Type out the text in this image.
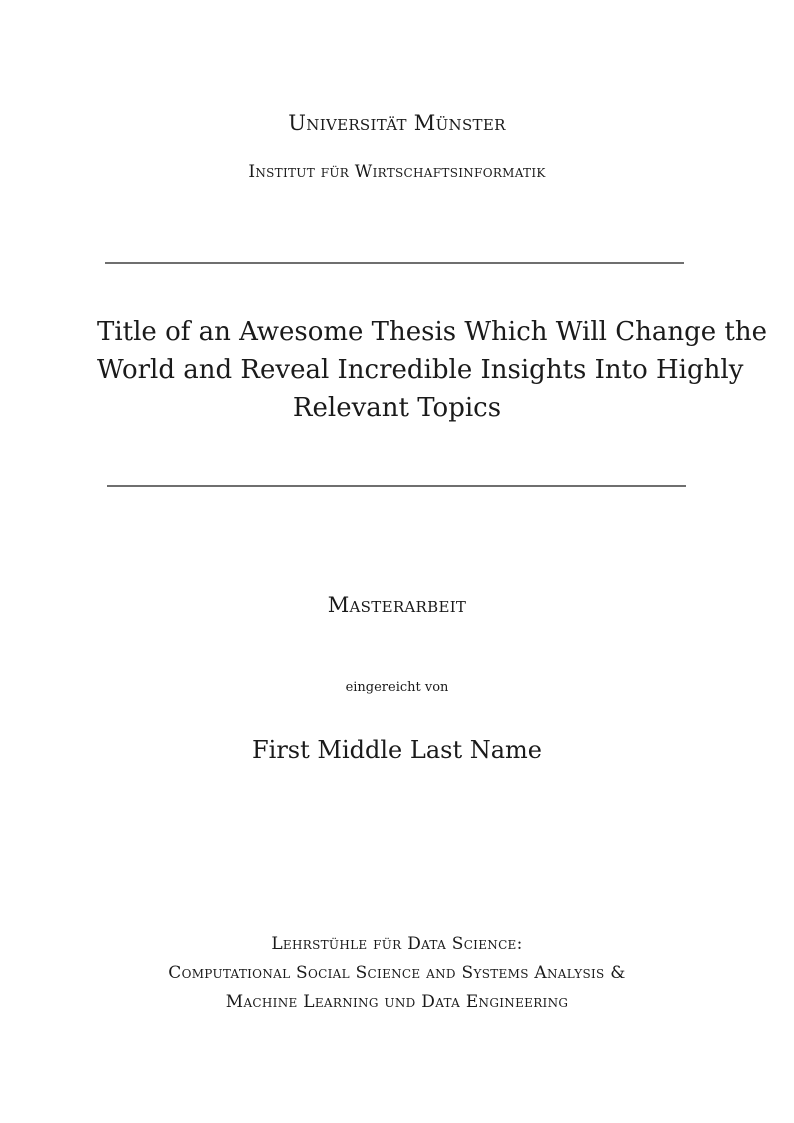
Universität Münster
Institut für Wirtschaftsinformatik
Title of an Awesome Thesis Which Will Change the
World and Reveal Incredible Insights Into Highly
Relevant Topics
Masterarbeit
eingereicht von
First Middle Last Name
Lehrstühle für Data Science:
Computational Social Science and Systems Analysis &
Machine Learning und Data Engineering
